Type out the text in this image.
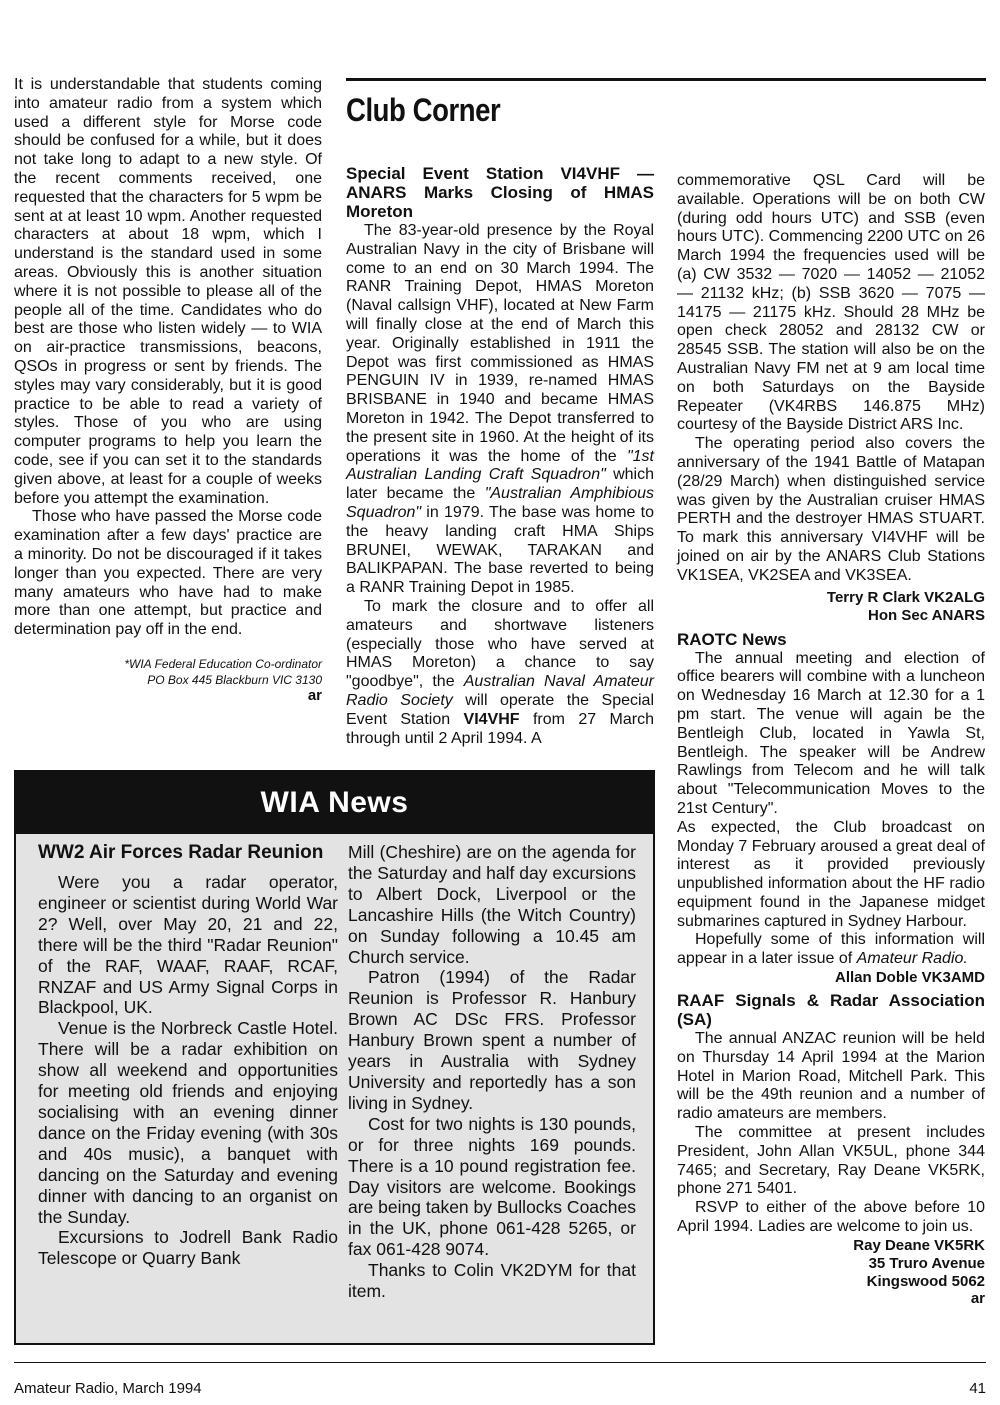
It is understandable that students coming into amateur radio from a system which used a different style for Morse code should be confused for a while, but it does not take long to adapt to a new style. Of the recent comments received, one requested that the characters for 5 wpm be sent at at least 10 wpm. Another requested characters at about 18 wpm, which I understand is the standard used in some areas. Obviously this is another situation where it is not possible to please all of the people all of the time. Candidates who do best are those who listen widely — to WIA on air-practice transmissions, beacons, QSOs in progress or sent by friends. The styles may vary considerably, but it is good practice to be able to read a variety of styles. Those of you who are using computer programs to help you learn the code, see if you can set it to the standards given above, at least for a couple of weeks before you attempt the examination.

Those who have passed the Morse code examination after a few days' practice are a minority. Do not be discouraged if it takes longer than you expected. There are very many amateurs who have had to make more than one attempt, but practice and determination pay off in the end.

*WIA Federal Education Co-ordinator
PO Box 445 Blackburn VIC 3130
ar
Club Corner
Special Event Station VI4VHF — ANARS Marks Closing of HMAS Moreton

The 83-year-old presence by the Royal Australian Navy in the city of Brisbane will come to an end on 30 March 1994. The RANR Training Depot, HMAS Moreton (Naval callsign VHF), located at New Farm will finally close at the end of March this year. Originally established in 1911 the Depot was first commissioned as HMAS PENGUIN IV in 1939, re-named HMAS BRISBANE in 1940 and became HMAS Moreton in 1942. The Depot transferred to the present site in 1960. At the height of its operations it was the home of the "1st Australian Landing Craft Squadron" which later became the "Australian Amphibious Squadron" in 1979. The base was home to the heavy landing craft HMA Ships BRUNEI, WEWAK, TARAKAN and BALIKPAPAN. The base reverted to being a RANR Training Depot in 1985.

To mark the closure and to offer all amateurs and shortwave listeners (especially those who have served at HMAS Moreton) a chance to say "goodbye", the Australian Naval Amateur Radio Society will operate the Special Event Station VI4VHF from 27 March through until 2 April 1994. A

commemorative QSL Card will be available. Operations will be on both CW (during odd hours UTC) and SSB (even hours UTC). Commencing 2200 UTC on 26 March 1994 the frequencies used will be (a) CW 3532 — 7020 — 14052 — 21052 — 21132 kHz; (b) SSB 3620 — 7075 — 14175 — 21175 kHz. Should 28 MHz be open check 28052 and 28132 CW or 28545 SSB. The station will also be on the Australian Navy FM net at 9 am local time on both Saturdays on the Bayside Repeater (VK4RBS 146.875 MHz) courtesy of the Bayside District ARS Inc.

The operating period also covers the anniversary of the 1941 Battle of Matapan (28/29 March) when distinguished service was given by the Australian cruiser HMAS PERTH and the destroyer HMAS STUART. To mark this anniversary VI4VHF will be joined on air by the ANARS Club Stations VK1SEA, VK2SEA and VK3SEA.

Terry R Clark VK2ALG
Hon Sec ANARS
RAOTC News

The annual meeting and election of office bearers will combine with a luncheon on Wednesday 16 March at 12.30 for a 1 pm start. The venue will again be the Bentleigh Club, located in Yawla St, Bentleigh. The speaker will be Andrew Rawlings from Telecom and he will talk about "Telecommunication Moves to the 21st Century".

As expected, the Club broadcast on Monday 7 February aroused a great deal of interest as it provided previously unpublished information about the HF radio equipment found in the Japanese midget submarines captured in Sydney Harbour.

Hopefully some of this information will appear in a later issue of Amateur Radio.

Allan Doble VK3AMD
RAAF Signals & Radar Association (SA)

The annual ANZAC reunion will be held on Thursday 14 April 1994 at the Marion Hotel in Marion Road, Mitchell Park. This will be the 49th reunion and a number of radio amateurs are members.

The committee at present includes President, John Allan VK5UL, phone 344 7465; and Secretary, Ray Deane VK5RK, phone 271 5401.

RSVP to either of the above before 10 April 1994. Ladies are welcome to join us.

Ray Deane VK5RK
35 Truro Avenue
Kingswood 5062
ar
WIA News
WW2 Air Forces Radar Reunion

Were you a radar operator, engineer or scientist during World War 2? Well, over May 20, 21 and 22, there will be the third "Radar Reunion" of the RAF, WAAF, RAAF, RCAF, RNZAF and US Army Signal Corps in Blackpool, UK.

Venue is the Norbreck Castle Hotel. There will be a radar exhibition on show all weekend and opportunities for meeting old friends and enjoying socialising with an evening dinner dance on the Friday evening (with 30s and 40s music), a banquet with dancing on the Saturday and evening dinner with dancing to an organist on the Sunday.

Excursions to Jodrell Bank Radio Telescope or Quarry Bank

Mill (Cheshire) are on the agenda for the Saturday and half day excursions to Albert Dock, Liverpool or the Lancashire Hills (the Witch Country) on Sunday following a 10.45 am Church service.

Patron (1994) of the Radar Reunion is Professor R. Hanbury Brown AC DSc FRS. Professor Hanbury Brown spent a number of years in Australia with Sydney University and reportedly has a son living in Sydney.

Cost for two nights is 130 pounds, or for three nights 169 pounds. There is a 10 pound registration fee. Day visitors are welcome. Bookings are being taken by Bullocks Coaches in the UK, phone 061-428 5265, or fax 061-428 9074.

Thanks to Colin VK2DYM for that item.

Amateur Radio, March 1994	41
